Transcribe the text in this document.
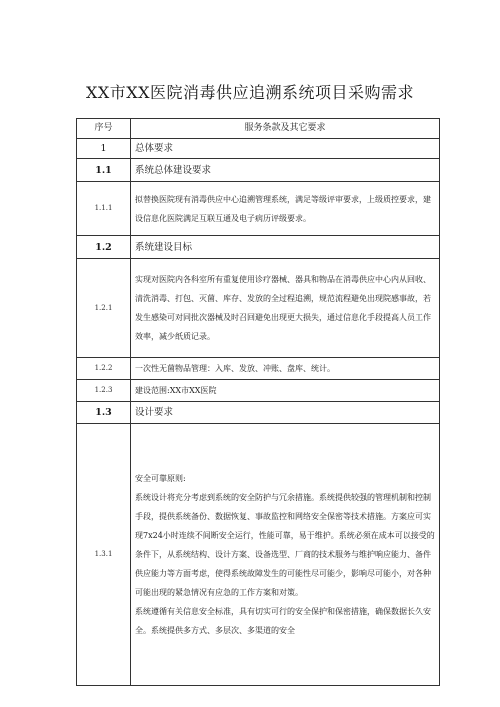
XX市XX医院消毒供应追溯系统项目采购需求
序号	服务条款及其它要求
1	总体要求
1.1	系统总体建设要求
1.1.1	拟替换医院现有消毒供应中心追溯管理系统，满足等级评审要求，上级质控要求，建设信息化医院满足互联互通及电子病历评级要求。
1.2	系统建设目标
1.2.1	实现对医院内各科室所有重复使用诊疗器械、器具和物品在消毒供应中心内从回收、清洗消毒、打包、灭菌、库存、发放的全过程追溯，规范流程避免出现院感事故，若发生感染可对同批次器械及时召回避免出现更大损失，通过信息化手段提高人员工作效率，减少纸质记录。
1.2.2	一次性无菌物品管理：入库、发放、冲账、盘库、统计。
1.2.3	建设范围:XX市XX医院
1.3	设计要求
1.3.1	安全可靠原则:
系统设计将充分考虑到系统的安全防护与冗余措施。系统提供较强的管理机制和控制手段，提供系统备份、数据恢复、事故监控和网络安全保密等技术措施。方案应可实现7x24小时连续不间断安全运行，性能可靠，易于维护。系统必须在成本可以接受的条件下，从系统结构、设计方案、设备选型、厂商的技术服务与维护响应能力、备件供应能力等方面考虑，使得系统故障发生的可能性尽可能少，影响尽可能小，对各种可能出现的紧急情况有应急的工作方案和对策。
系统遵循有关信息安全标准，具有切实可行的安全保护和保密措施，确保数据长久安全。系统提供多方式、多层次、多渠道的安全
